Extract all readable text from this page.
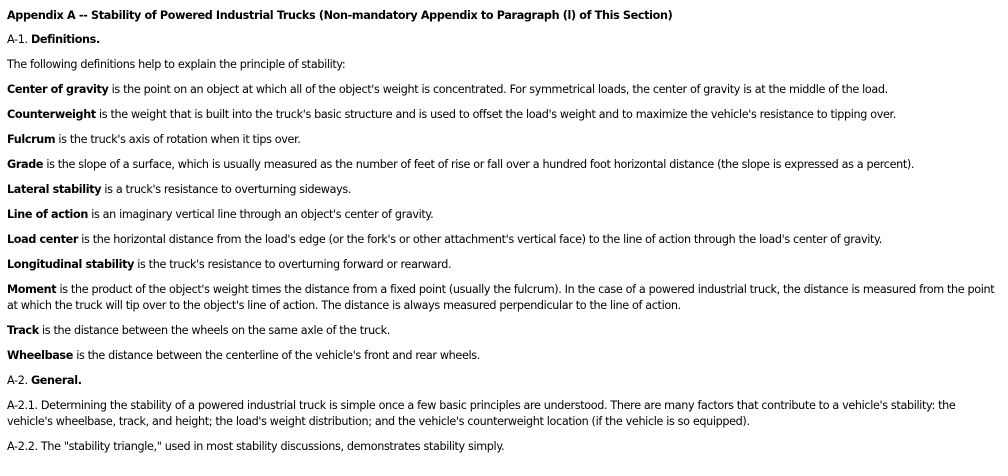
Appendix A -- Stability of Powered Industrial Trucks (Non-mandatory Appendix to Paragraph (l) of This Section)

A-1. Definitions.

The following definitions help to explain the principle of stability:

Center of gravity is the point on an object at which all of the object's weight is concentrated. For symmetrical loads, the center of gravity is at the middle of the load.

Counterweight is the weight that is built into the truck's basic structure and is used to offset the load's weight and to maximize the vehicle's resistance to tipping over.

Fulcrum is the truck's axis of rotation when it tips over.

Grade is the slope of a surface, which is usually measured as the number of feet of rise or fall over a hundred foot horizontal distance (the slope is expressed as a percent).

Lateral stability is a truck's resistance to overturning sideways.

Line of action is an imaginary vertical line through an object's center of gravity.

Load center is the horizontal distance from the load's edge (or the fork's or other attachment's vertical face) to the line of action through the load's center of gravity.

Longitudinal stability is the truck's resistance to overturning forward or rearward.

Moment is the product of the object's weight times the distance from a fixed point (usually the fulcrum). In the case of a powered industrial truck, the distance is measured from the point at which the truck will tip over to the object's line of action. The distance is always measured perpendicular to the line of action.

Track is the distance between the wheels on the same axle of the truck.

Wheelbase is the distance between the centerline of the vehicle's front and rear wheels.

A-2. General.

A-2.1. Determining the stability of a powered industrial truck is simple once a few basic principles are understood. There are many factors that contribute to a vehicle's stability: the vehicle's wheelbase, track, and height; the load's weight distribution; and the vehicle's counterweight location (if the vehicle is so equipped).

A-2.2. The "stability triangle," used in most stability discussions, demonstrates stability simply.
